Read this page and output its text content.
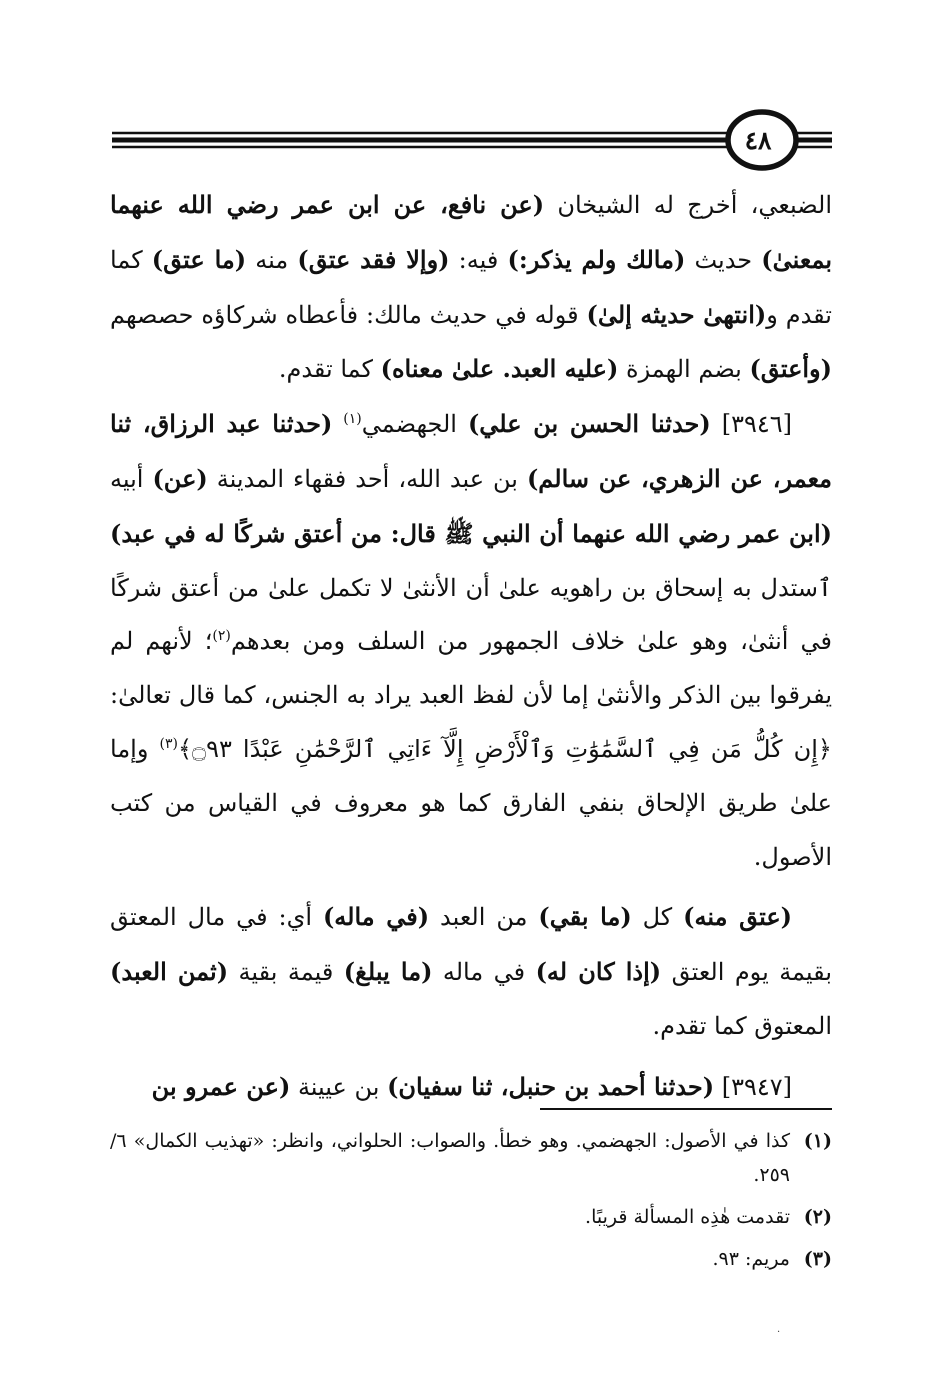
٤٨

الضبعي، أخرج له الشيخان (عن نافع، عن ابن عمر رضي الله عنهما بمعنىٰ) حديث (مالك ولم يذكر:) فيه: (وإلا فقد عتق) منه (ما عتق) كما تقدم و(انتهىٰ حديثه إلىٰ) قوله في حديث مالك: فأعطاه شركاؤه حصصهم (وأعتق) بضم الهمزة (عليه العبد. علىٰ معناه) كما تقدم.

[٣٩٤٦] (حدثنا الحسن بن علي) الجهضمي$^{(١)}$ (حدثنا عبد الرزاق، ثنا معمر، عن الزهري، عن سالم) بن عبد الله، أحد فقهاء المدينة (عن) أبيه (ابن عمر رضي الله عنهما أن النبي ﷺ قال: من أعتق شركًا له في عبد) ٱستدل به إسحاق بن راهويه علىٰ أن الأنثىٰ لا تكمل علىٰ من أعتق شركًا في أنثىٰ، وهو علىٰ خلاف الجمهور من السلف ومن بعدهم$^{(٢)}$؛ لأنهم لم يفرقوا بين الذكر والأنثىٰ إما لأن لفظ العبد يراد به الجنس، كما قال تعالىٰ: ﴿إِن كُلُّ مَن فِي ٱلسَّمَٰوَٰتِ وَٱلْأَرْضِ إِلَّآ ءَاتِي ٱلرَّحْمَٰنِ عَبْدًا ۝٩٣﴾$^{(٣)}$ وإما علىٰ طريق الإلحاق بنفي الفارق كما هو معروف في القياس من كتب الأصول.

(عتق منه) كل (ما بقي) من العبد (في ماله) أي: في مال المعتق بقيمة يوم العتق (إذا كان له) في ماله (ما يبلغ) قيمة بقية (ثمن العبد) المعتوق كما تقدم.

[٣٩٤٧] (حدثنا أحمد بن حنبل، ثنا سفيان) بن عيينة (عن عمرو بن

(١)
كذا في الأصول: الجهضمي. وهو خطأ. والصواب: الحلواني، وانظر: «تهذيب الكمال» ٦/ ٢٥٩.
(٢)
تقدمت هٰذِه المسألة قريبًا.
(٣)
مريم: ٩٣.
·
